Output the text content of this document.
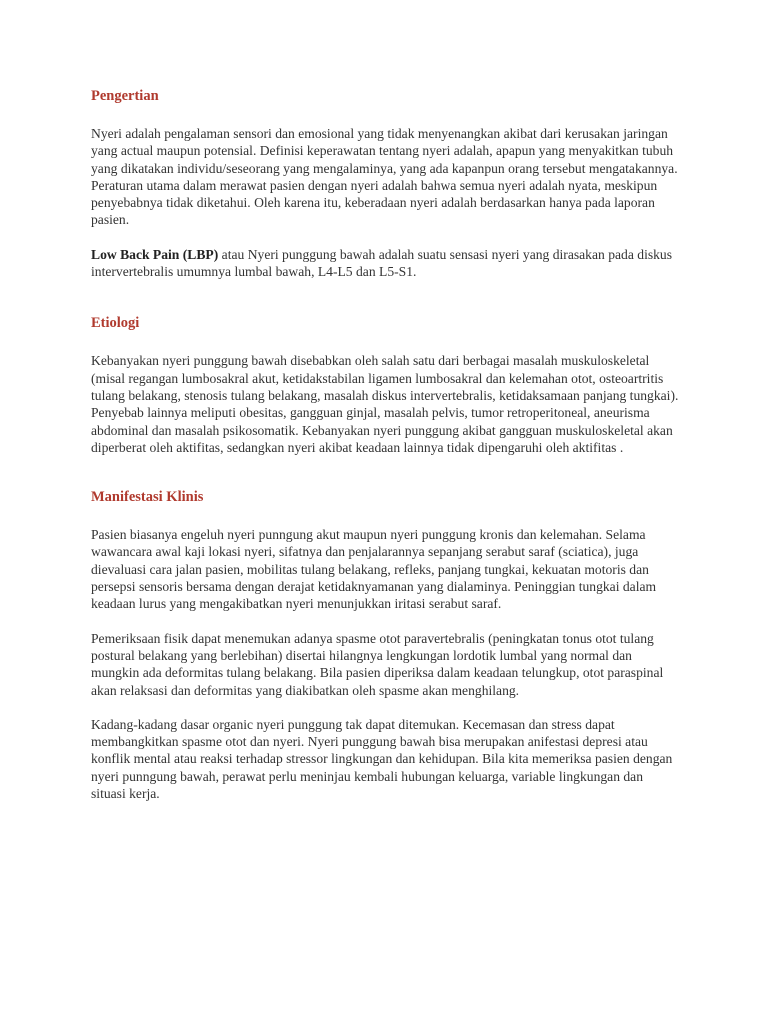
Pengertian

Nyeri adalah pengalaman sensori dan emosional yang tidak menyenangkan akibat dari kerusakan jaringan yang actual maupun potensial. Definisi keperawatan tentang nyeri adalah, apapun yang menyakitkan tubuh yang dikatakan individu/seseorang yang mengalaminya, yang ada kapanpun orang tersebut mengatakannya. Peraturan utama dalam merawat pasien dengan nyeri adalah bahwa semua nyeri adalah nyata, meskipun penyebabnya tidak diketahui. Oleh karena itu, keberadaan nyeri adalah berdasarkan hanya pada laporan pasien.

Low Back Pain (LBP) atau Nyeri punggung bawah adalah suatu sensasi nyeri yang dirasakan pada diskus intervertebralis umumnya lumbal bawah, L4-L5 dan L5-S1.

Etiologi

Kebanyakan nyeri punggung bawah disebabkan oleh salah satu dari berbagai masalah muskuloskeletal (misal regangan lumbosakral akut, ketidakstabilan ligamen lumbosakral dan kelemahan otot, osteoartritis tulang belakang, stenosis tulang belakang, masalah diskus intervertebralis, ketidaksamaan panjang tungkai). Penyebab lainnya meliputi obesitas, gangguan ginjal, masalah pelvis, tumor retroperitoneal, aneurisma abdominal dan masalah psikosomatik. Kebanyakan nyeri punggung akibat gangguan muskuloskeletal akan diperberat oleh aktifitas, sedangkan nyeri akibat keadaan lainnya tidak dipengaruhi oleh aktifitas .

Manifestasi Klinis

Pasien biasanya engeluh nyeri punngung akut maupun nyeri punggung kronis dan kelemahan. Selama wawancara awal kaji lokasi nyeri, sifatnya dan penjalarannya sepanjang serabut saraf (sciatica), juga dievaluasi cara jalan pasien, mobilitas tulang belakang, refleks, panjang tungkai, kekuatan motoris dan persepsi sensoris bersama dengan derajat ketidaknyamanan yang dialaminya. Peninggian tungkai dalam keadaan lurus yang mengakibatkan nyeri menunjukkan iritasi serabut saraf.

Pemeriksaan fisik dapat menemukan adanya spasme otot paravertebralis (peningkatan tonus otot tulang postural belakang yang berlebihan) disertai hilangnya lengkungan lordotik lumbal yang normal dan mungkin ada deformitas tulang belakang. Bila pasien diperiksa dalam keadaan telungkup, otot paraspinal akan relaksasi dan deformitas yang diakibatkan oleh spasme akan menghilang.

Kadang-kadang dasar organic nyeri punggung tak dapat ditemukan. Kecemasan dan stress dapat membangkitkan spasme otot dan nyeri. Nyeri punggung bawah bisa merupakan anifestasi depresi atau konflik mental atau reaksi terhadap stressor lingkungan dan kehidupan. Bila kita memeriksa pasien dengan nyeri punngung bawah, perawat perlu meninjau kembali hubungan keluarga, variable lingkungan dan situasi kerja.
